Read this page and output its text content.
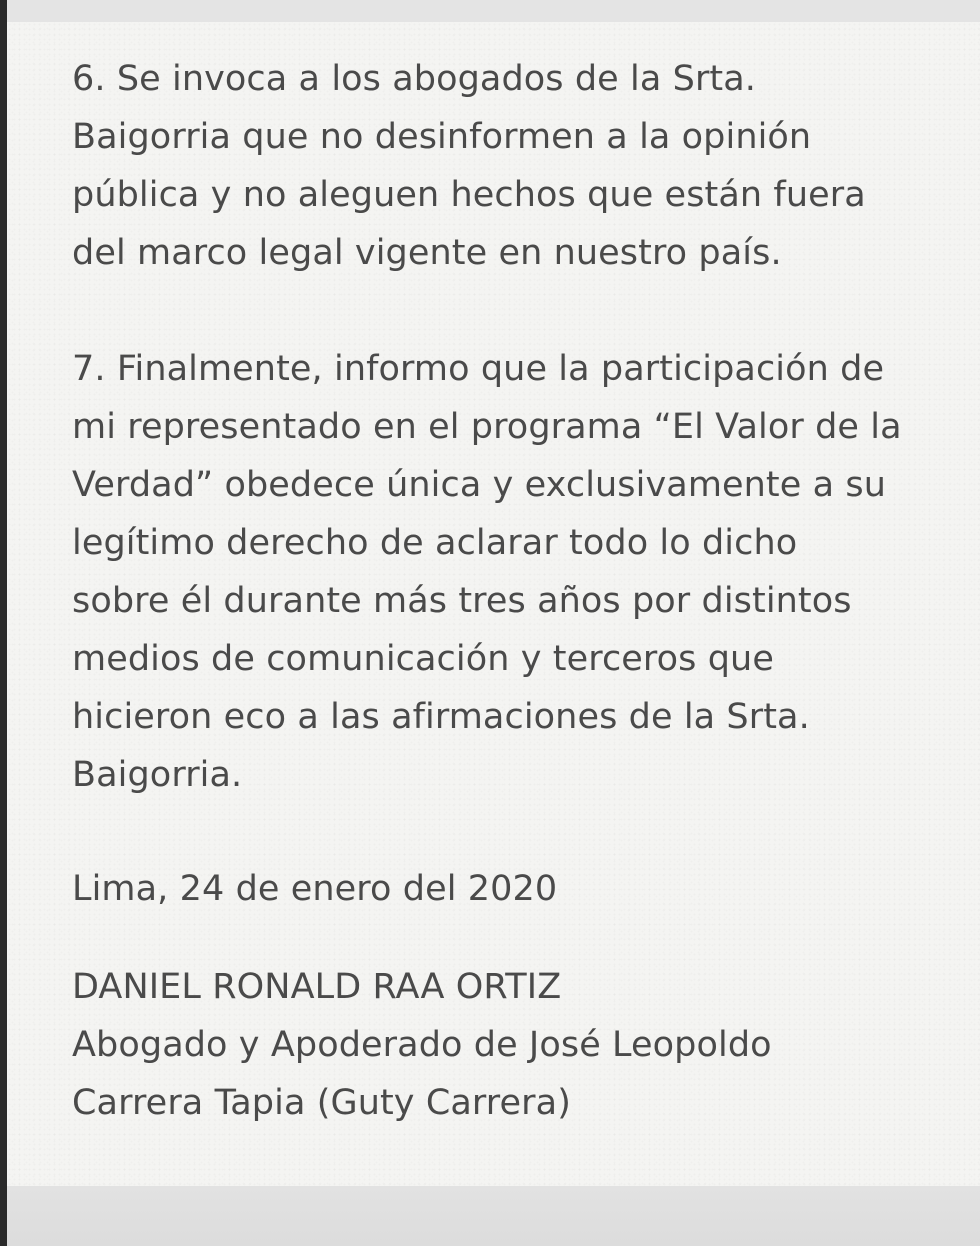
6. Se invoca a los abogados de la Srta.
Baigorria que no desinformen a la opinión
pública y no aleguen hechos que están fuera
del marco legal vigente en nuestro país.
7. Finalmente, informo que la participación de
mi representado en el programa “El Valor de la
Verdad” obedece única y exclusivamente a su
legítimo derecho de aclarar todo lo dicho
sobre él durante más tres años por distintos
medios de comunicación y terceros que
hicieron eco a las afirmaciones de la Srta.
Baigorria.
Lima, 24 de enero del 2020
DANIEL RONALD RAA ORTIZ
Abogado y Apoderado de José Leopoldo
Carrera Tapia (Guty Carrera)
